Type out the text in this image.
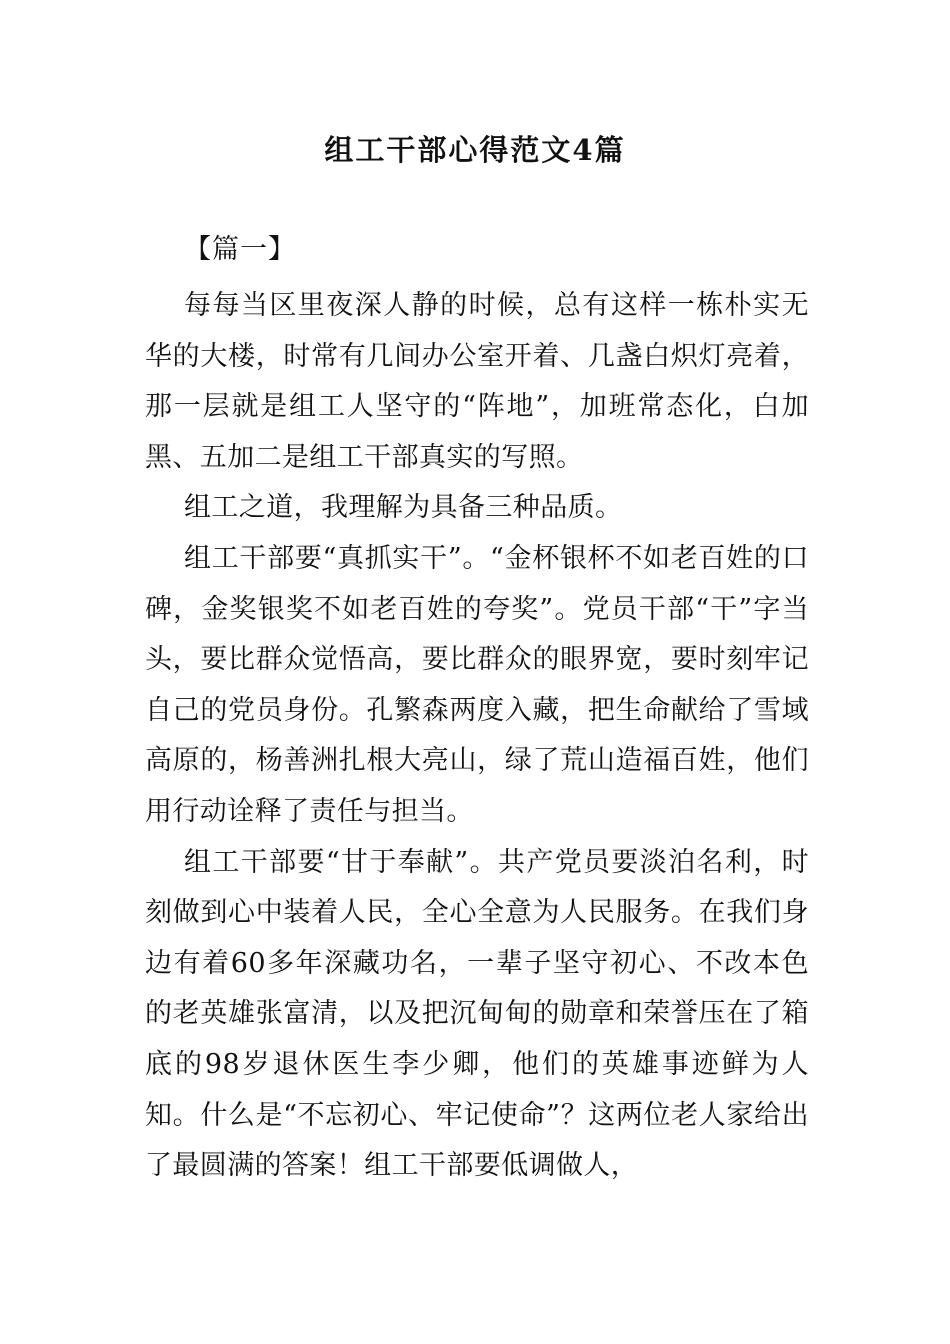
组工干部心得范文4篇
【篇一】

每每当区里夜深人静的时候，总有这样一栋朴实无华的大楼，时常有几间办公室开着、几盏白炽灯亮着，那一层就是组工人坚守的“阵地”，加班常态化，白加黑、五加二是组工干部真实的写照。

组工之道，我理解为具备三种品质。

组工干部要“真抓实干”。“金杯银杯不如老百姓的口碑，金奖银奖不如老百姓的夸奖”。党员干部“干”字当头，要比群众觉悟高，要比群众的眼界宽，要时刻牢记自己的党员身份。孔繁森两度入藏，把生命献给了雪域高原的，杨善洲扎根大亮山，绿了荒山造福百姓，他们用行动诠释了责任与担当。

组工干部要“甘于奉献”。共产党员要淡泊名利，时刻做到心中装着人民，全心全意为人民服务。在我们身边有着60多年深藏功名，一辈子坚守初心、不改本色的老英雄张富清，以及把沉甸甸的勋章和荣誉压在了箱底的98岁退休医生李少卿，他们的英雄事迹鲜为人知。什么是“不忘初心、牢记使命”？这两位老人家给出了最圆满的答案！组工干部要低调做人，
